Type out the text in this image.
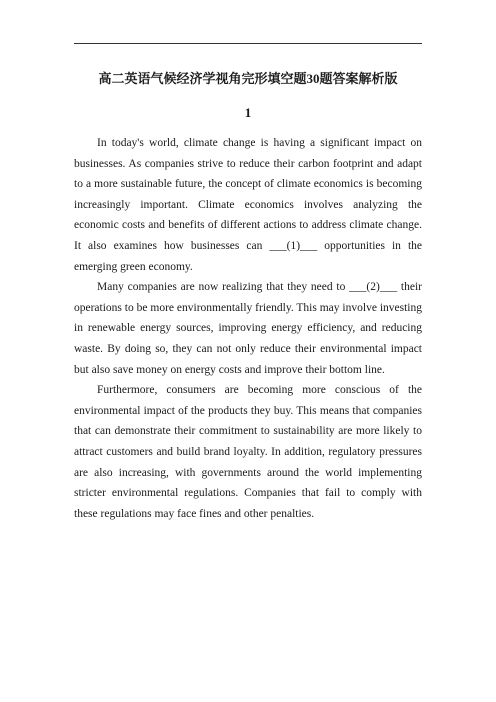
高二英语气候经济学视角完形填空题30题答案解析版
1

In today's world, climate change is having a significant impact on businesses. As companies strive to reduce their carbon footprint and adapt to a more sustainable future, the concept of climate economics is becoming increasingly important. Climate economics involves analyzing the economic costs and benefits of different actions to address climate change. It also examines how businesses can ___(1)___ opportunities in the emerging green economy.

Many companies are now realizing that they need to ___(2)___ their operations to be more environmentally friendly. This may involve investing in renewable energy sources, improving energy efficiency, and reducing waste. By doing so, they can not only reduce their environmental impact but also save money on energy costs and improve their bottom line.

Furthermore, consumers are becoming more conscious of the environmental impact of the products they buy. This means that companies that can demonstrate their commitment to sustainability are more likely to attract customers and build brand loyalty. In addition, regulatory pressures are also increasing, with governments around the world implementing stricter environmental regulations. Companies that fail to comply with these regulations may face fines and other penalties.
